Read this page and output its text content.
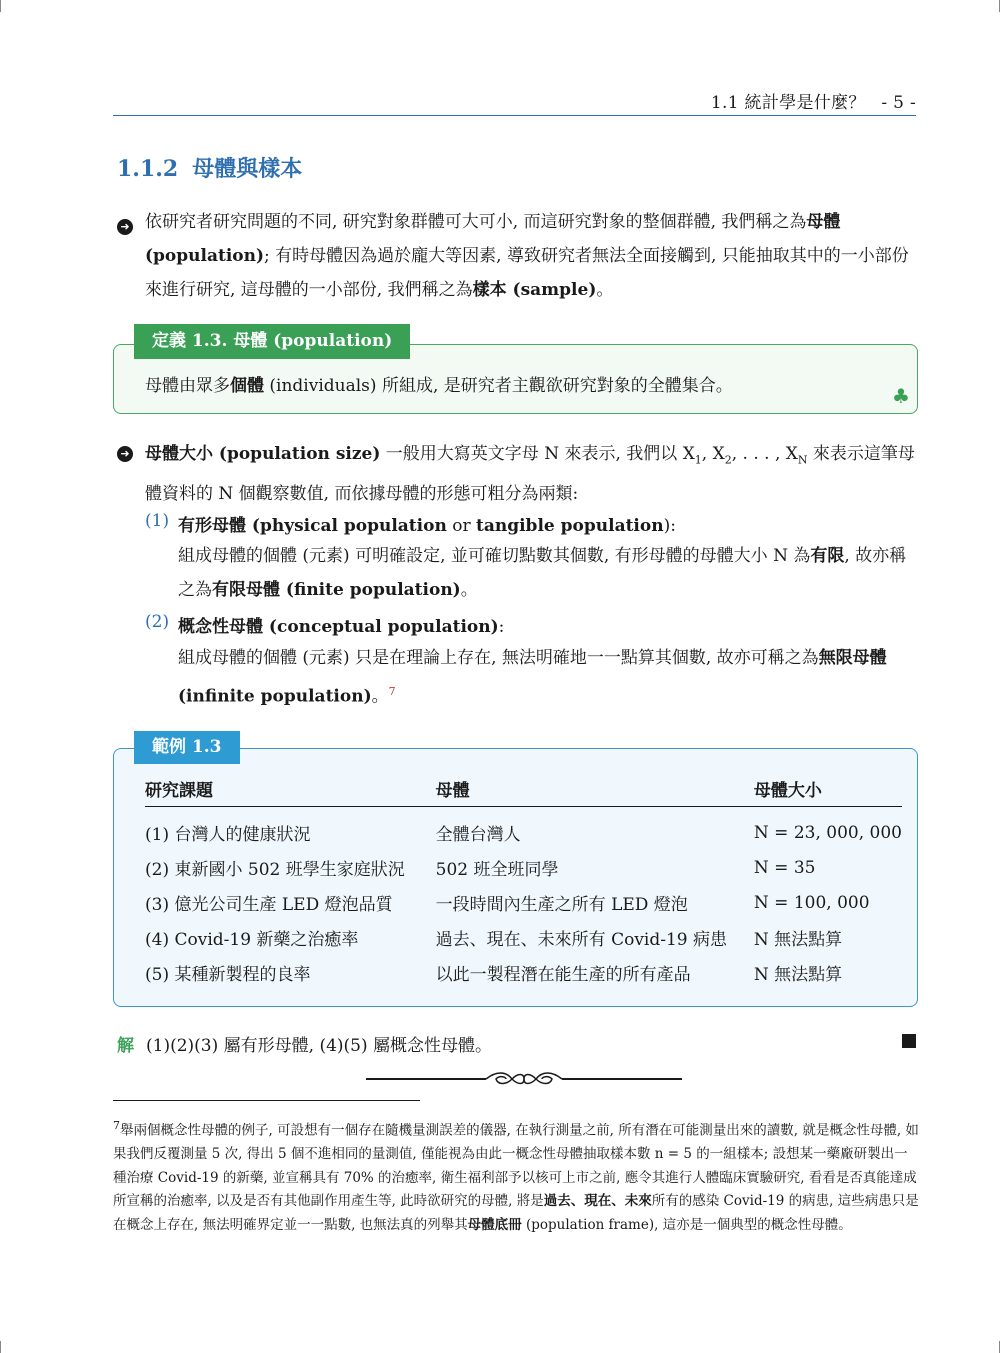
1.1 統計學是什麼？ - 5 -
1.1.2 母體與樣本
➜ 依研究者研究問題的不同, 研究對象群體可大可小, 而這研究對象的整個群體, 我們稱之為母體 (population); 有時母體因為過於龐大等因素, 導致研究者無法全面接觸到, 只能抽取其中的一小部份來進行研究, 這母體的一小部份, 我們稱之為樣本 (sample)。
定義 1.3. 母體 (population)
母體由眾多個體 (individuals) 所組成, 是研究者主觀欲研究對象的全體集合。	♣
➜ 母體大小 (population size) 一般用大寫英文字母 N 來表示, 我們以 $X_1$, $X_2$, . . . , $X_N$ 來表示這筆母體資料的 N 個觀察數值, 而依據母體的形態可粗分為兩類:
(1) 有形母體 (physical population or tangible population):
組成母體的個體 (元素) 可明確設定, 並可確切點數其個數, 有形母體的母體大小 N 為有限, 故亦稱之為有限母體 (finite population)。
(2) 概念性母體 (conceptual population):
組成母體的個體 (元素) 只是在理論上存在, 無法明確地一一點算其個數, 故亦可稱之為無限母體 (infinite population)。$^7$
範例 1.3
研究課題	母體	母體大小
(1) 台灣人的健康狀況	全體台灣人	N = 23, 000, 000
(2) 東新國小 502 班學生家庭狀況	502 班全班同學	N = 35
(3) 億光公司生產 LED 燈泡品質	一段時間內生產之所有 LED 燈泡	N = 100, 000
(4) Covid-19 新藥之治癒率	過去、現在、未來所有 Covid-19 病患	N 無法點算
(5) 某種新製程的良率	以此一製程潛在能生產的所有產品	N 無法點算
解 (1)(2)(3) 屬有形母體, (4)(5) 屬概念性母體。
$^7$舉兩個概念性母體的例子, 可設想有一個存在隨機量測誤差的儀器, 在執行測量之前, 所有潛在可能測量出來的讀數, 就是概念性母體, 如果我們反覆測量 5 次, 得出 5 個不進相同的量測值, 僅能視為由此一概念性母體抽取樣本數 n = 5 的一組樣本; 設想某一藥廠研製出一種治療 Covid-19 的新藥, 並宣稱具有 70% 的治癒率, 衛生福利部予以核可上市之前, 應令其進行人體臨床實驗研究, 看看是否真能達成所宣稱的治癒率, 以及是否有其他副作用產生等, 此時欲研究的母體, 將是過去、現在、未來所有的感染 Covid-19 的病患, 這些病患只是在概念上存在, 無法明確界定並一一點數, 也無法真的列舉其母體底冊 (population frame), 這亦是一個典型的概念性母體。
